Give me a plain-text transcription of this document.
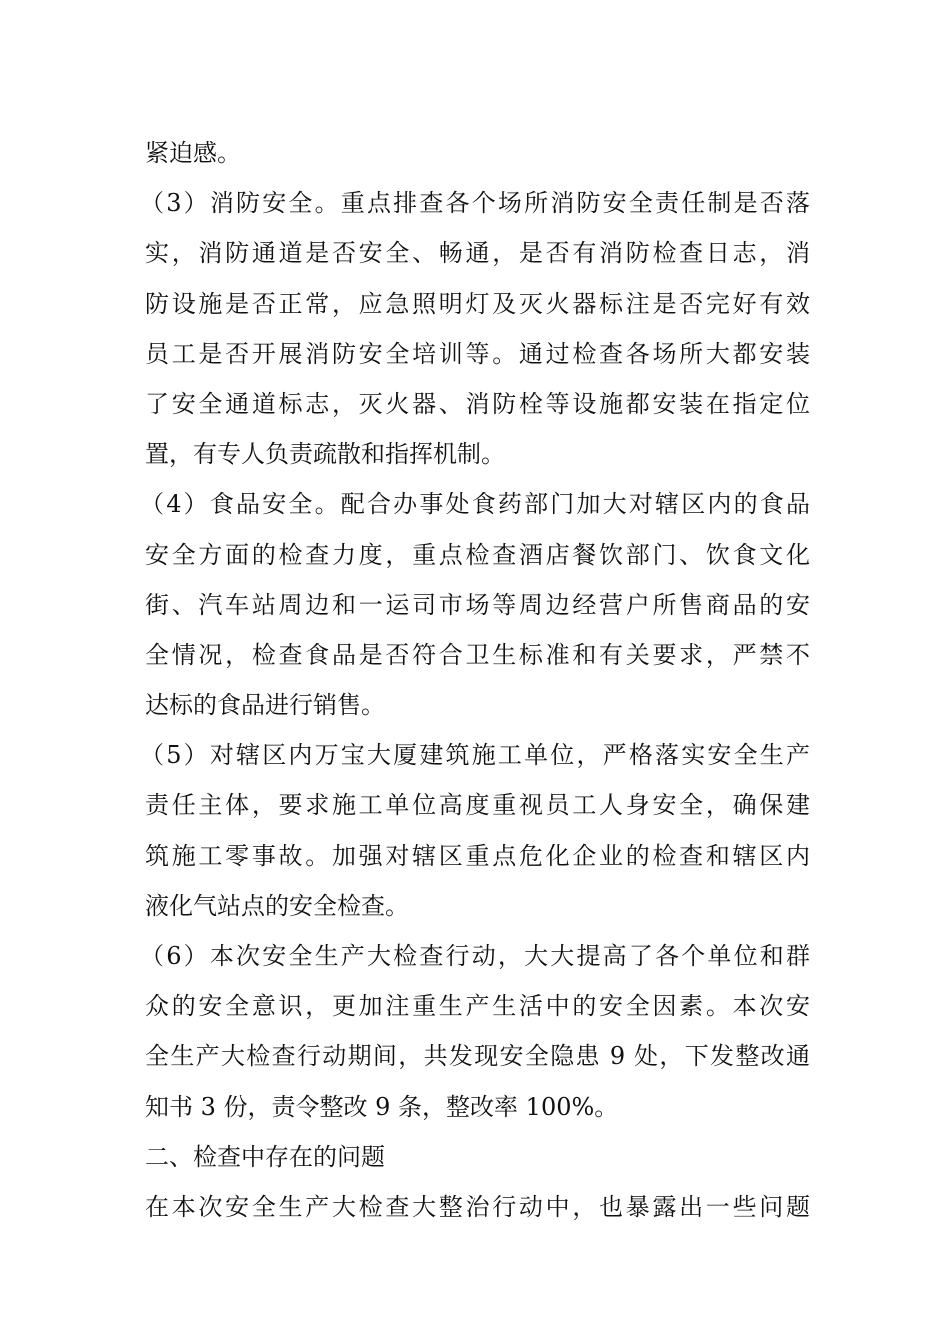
紧迫感。
（3）消防安全。重点排查各个场所消防安全责任制是否落
实，消防通道是否安全、畅通，是否有消防检查日志，消
防设施是否正常，应急照明灯及灭火器标注是否完好有效
员工是否开展消防安全培训等。通过检查各场所大都安装
了安全通道标志，灭火器、消防栓等设施都安装在指定位
置，有专人负责疏散和指挥机制。
（4）食品安全。配合办事处食药部门加大对辖区内的食品
安全方面的检查力度，重点检查酒店餐饮部门、饮食文化
街、汽车站周边和一运司市场等周边经营户所售商品的安
全情况，检查食品是否符合卫生标准和有关要求，严禁不
达标的食品进行销售。
（5）对辖区内万宝大厦建筑施工单位，严格落实安全生产
责任主体，要求施工单位高度重视员工人身安全，确保建
筑施工零事故。加强对辖区重点危化企业的检查和辖区内
液化气站点的安全检查。
（6）本次安全生产大检查行动，大大提高了各个单位和群
众的安全意识，更加注重生产生活中的安全因素。本次安
全生产大检查行动期间，共发现安全隐患 9 处，下发整改通
知书 3 份，责令整改 9 条，整改率 100%。
二、检查中存在的问题
在本次安全生产大检查大整治行动中，也暴露出一些问题
